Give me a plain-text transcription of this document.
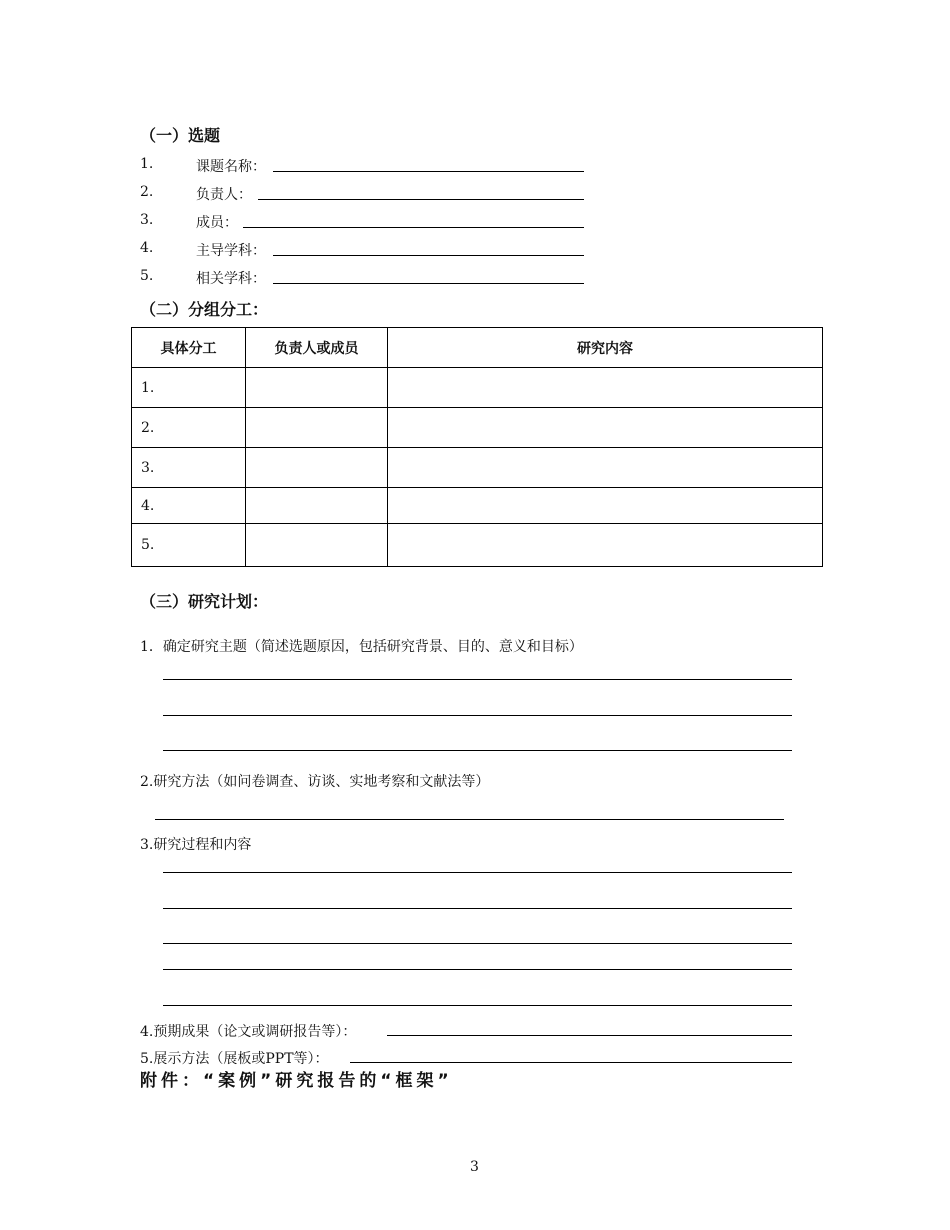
（一）选题
1.	课题名称：
2.	负责人：
3.	成员：
4.	主导学科：
5.	相关学科：
（二）分组分工：
具体分工	负责人或成员	研究内容
1.		
2.		
3.		
4.		
5.		
（三）研究计划：
1．确定研究主题（简述选题原因，包括研究背景、目的、意义和目标）
2.研究方法（如问卷调查、访谈、实地考察和文献法等）
3.研究过程和内容
4.预期成果（论文或调研报告等）：
5.展示方法（展板或PPT等）：
附件：“案例”研究报告的“框架”
3
